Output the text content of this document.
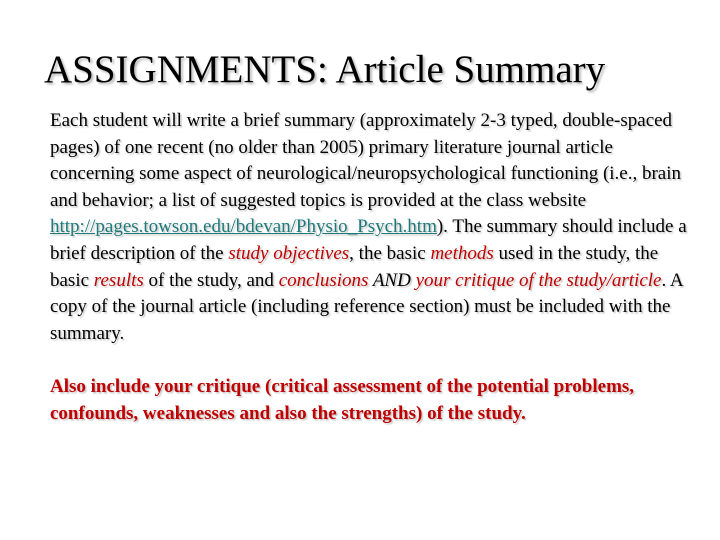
ASSIGNMENTS: Article Summary

Each student will write a brief summary (approximately 2-3 typed, double-spaced pages) of one recent (no older than 2005) primary literature journal article concerning some aspect of neurological/neuropsychological functioning (i.e., brain and behavior; a list of suggested topics is provided at the class website http://pages.towson.edu/bdevan/Physio_Psych.htm). The summary should include a brief description of the study objectives, the basic methods used in the study, the basic results of the study, and conclusions AND your critique of the study/article. A copy of the journal article (including reference section) must be included with the summary.

Also include your critique (critical assessment of the potential problems, confounds, weaknesses and also the strengths) of the study.
